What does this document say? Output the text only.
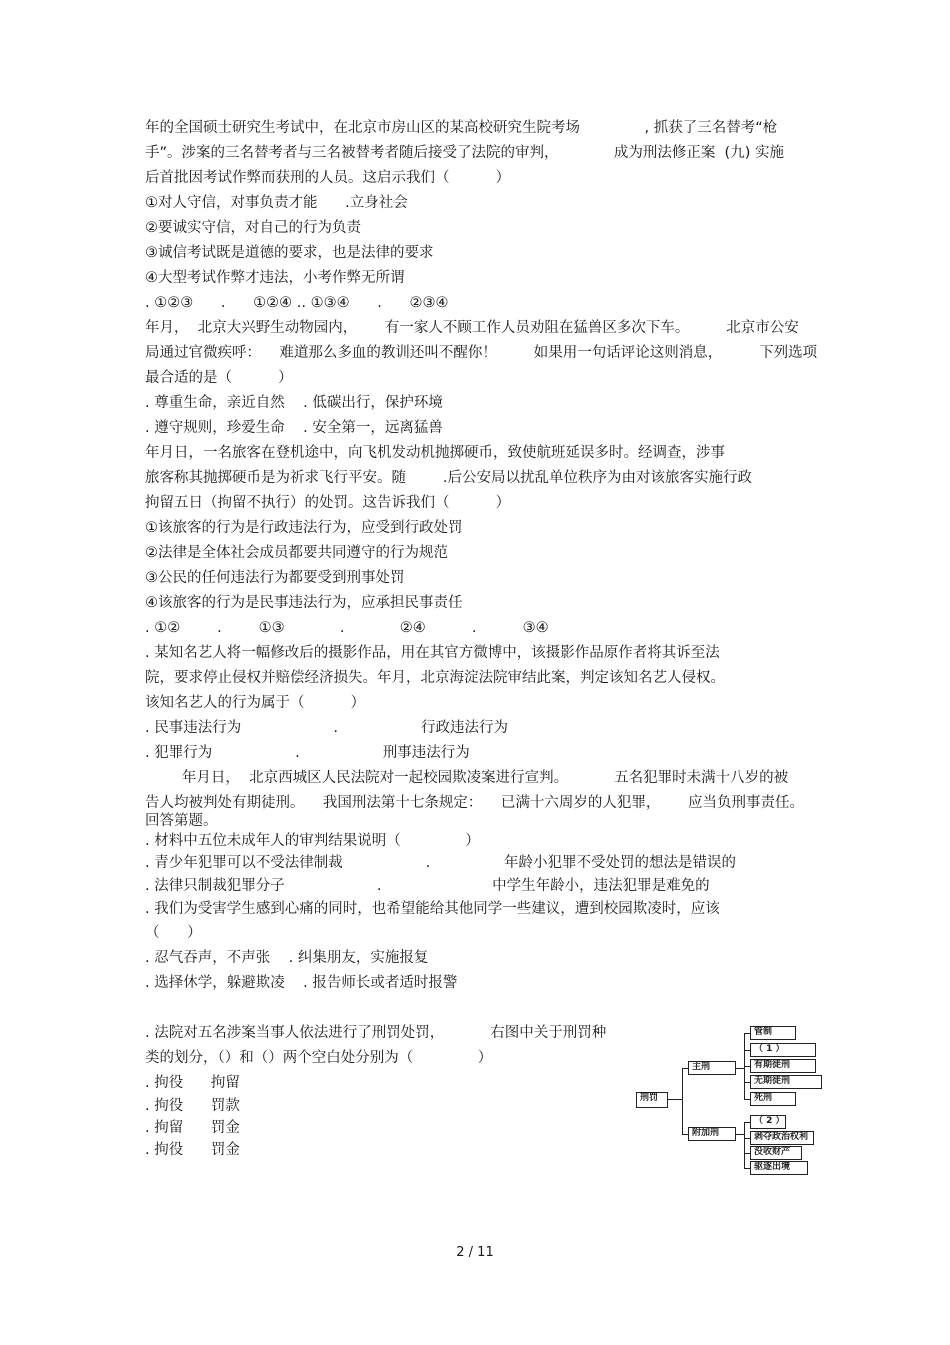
年的全国硕士研究生考试中，在北京市房山区的某高校研究生院考场              , 抓获了三名替考“枪
手”。涉案的三名替考者与三名被替考者随后接受了法院的审判，            成为刑法修正案  (九) 实施
后首批因考试作弊而获刑的人员。这启示我们（          ）
①对人守信，对事负责才能      .立身社会
②要诚实守信，对自己的行为负责
③诚信考试既是道德的要求，也是法律的要求
④大型考试作弊才违法，小考作弊无所谓
. ①②③      .      ①②④ .. ①③④      .      ②③④
年月，  北京大兴野生动物园内，      有一家人不顾工作人员劝阻在猛兽区多次下车。        北京市公安
局通过官微疾呼：    难道那么多血的教训还叫不醒你！        如果用一句话评论这则消息，        下列选项
最合适的是（          ）
. 尊重生命，亲近自然    . 低碳出行，保护环境
. 遵守规则，珍爱生命    . 安全第一，远离猛兽
年月日，一名旅客在登机途中，向飞机发动机抛掷硬币，致使航班延误多时。经调查，涉事
旅客称其抛掷硬币是为祈求飞行平安。随        .后公安局以扰乱单位秩序为由对该旅客实施行政
拘留五日（拘留不执行）的处罚。这告诉我们（          ）
①该旅客的行为是行政违法行为，应受到行政处罚
②法律是全体社会成员都要共同遵守的行为规范
③公民的任何违法行为都要受到刑事处罚
④该旅客的行为是民事违法行为，应承担民事责任
. ①②        .        ①③            .            ②④          .          ③④
. 某知名艺人将一幅修改后的摄影作品，用在其官方微博中，该摄影作品原作者将其诉至法
院，要求停止侵权并赔偿经济损失。年月，北京海淀法院审结此案，判定该知名艺人侵权。
该知名艺人的行为属于（          ）
. 民事违法行为                    .                  行政违法行为
. 犯罪行为                  .                  刑事违法行为
年月日，  北京西城区人民法院对一起校园欺凌案进行宣判。          五名犯罪时未满十八岁的被
告人均被判处有期徒刑。    我国刑法第十七条规定：    已满十六周岁的人犯罪，      应当负刑事责任。
回答第题。
. 材料中五位未成年人的审判结果说明（              ）
. 青少年犯罪可以不受法律制裁                  .                年龄小犯罪不受处罚的想法是错误的
. 法律只制裁犯罪分子                    .                        中学生年龄小，违法犯罪是难免的
. 我们为受害学生感到心痛的同时，也希望能给其他同学一些建议，遭到校园欺凌时，应该
（      ）
. 忍气吞声，不声张    . 纠集朋友，实施报复
. 选择休学，躲避欺凌    . 报告师长或者适时报警
. 法院对五名涉案当事人依法进行了刑罚处罚，          右图中关于刑罚种
类的划分，（）和（）两个空白处分别为（              ）
. 拘役      拘留
. 拘役      罚款
. 拘留      罚金
. 拘役      罚金
刑罚
主刑
附加刑
管制
（ 1 ）
有期徒刑
无期徒刑
死刑
（ 2 ）
剥夺政治权利
没收财产
驱逐出境
2 / 11
